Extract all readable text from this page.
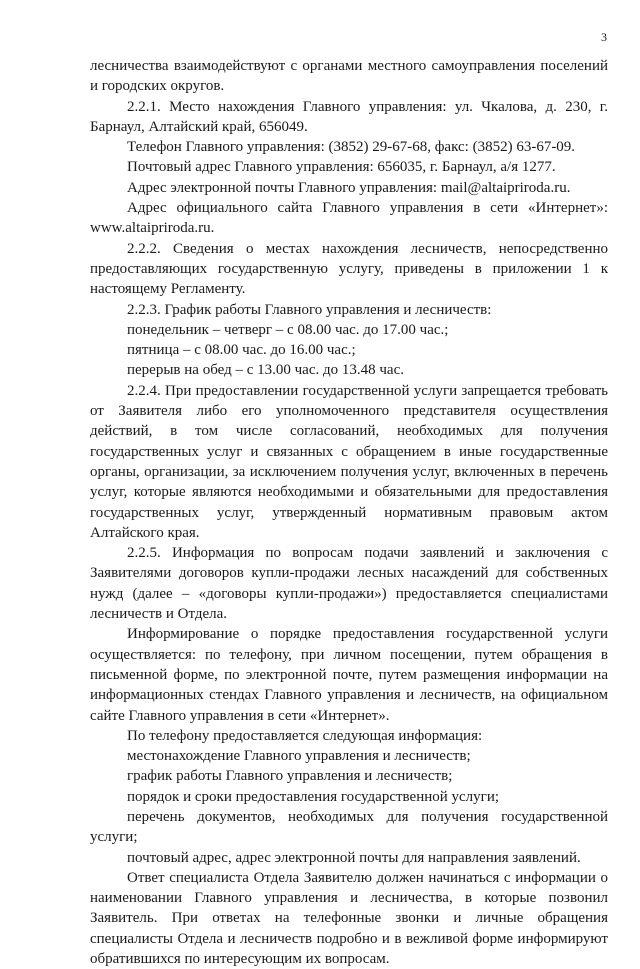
3

лесничества взаимодействуют с органами местного самоуправления поселений и городских округов.

2.2.1. Место нахождения Главного управления: ул. Чкалова, д. 230, г. Барнаул, Алтайский край, 656049.

Телефон Главного управления: (3852) 29-67-68, факс: (3852) 63-67-09.

Почтовый адрес Главного управления: 656035, г. Барнаул, а/я 1277.

Адрес электронной почты Главного управления: mail@altaipriroda.ru.

Адрес официального сайта Главного управления в сети «Интернет»: www.altaipriroda.ru.

2.2.2. Сведения о местах нахождения лесничеств, непосредственно предоставляющих государственную услугу, приведены в приложении 1 к настоящему Регламенту.

2.2.3. График работы Главного управления и лесничеств:

понедельник – четверг – с 08.00 час. до 17.00 час.;

пятница – с 08.00 час. до 16.00 час.;

перерыв на обед – с 13.00 час. до 13.48 час.

2.2.4. При предоставлении государственной услуги запрещается требовать от Заявителя либо его уполномоченного представителя осуществления действий, в том числе согласований, необходимых для получения государственных услуг и связанных с обращением в иные государственные органы, организации, за исключением получения услуг, включенных в перечень услуг, которые являются необходимыми и обязательными для предоставления государственных услуг, утвержденный нормативным правовым актом Алтайского края.

2.2.5. Информация по вопросам подачи заявлений и заключения с Заявителями договоров купли-продажи лесных насаждений для собственных нужд (далее – «договоры купли-продажи») предоставляется специалистами лесничеств и Отдела.

Информирование о порядке предоставления государственной услуги осуществляется: по телефону, при личном посещении, путем обращения в письменной форме, по электронной почте, путем размещения информации на информационных стендах Главного управления и лесничеств, на официальном сайте Главного управления в сети «Интернет».

По телефону предоставляется следующая информация:

местонахождение Главного управления и лесничеств;

график работы Главного управления и лесничеств;

порядок и сроки предоставления государственной услуги;

перечень документов, необходимых для получения государственной услуги;

почтовый адрес, адрес электронной почты для направления заявлений.

Ответ специалиста Отдела Заявителю должен начинаться с информации о наименовании Главного управления и лесничества, в которые позвонил Заявитель. При ответах на телефонные звонки и личные обращения специалисты Отдела и лесничеств подробно и в вежливой форме информируют обратившихся по интересующим их вопросам.
